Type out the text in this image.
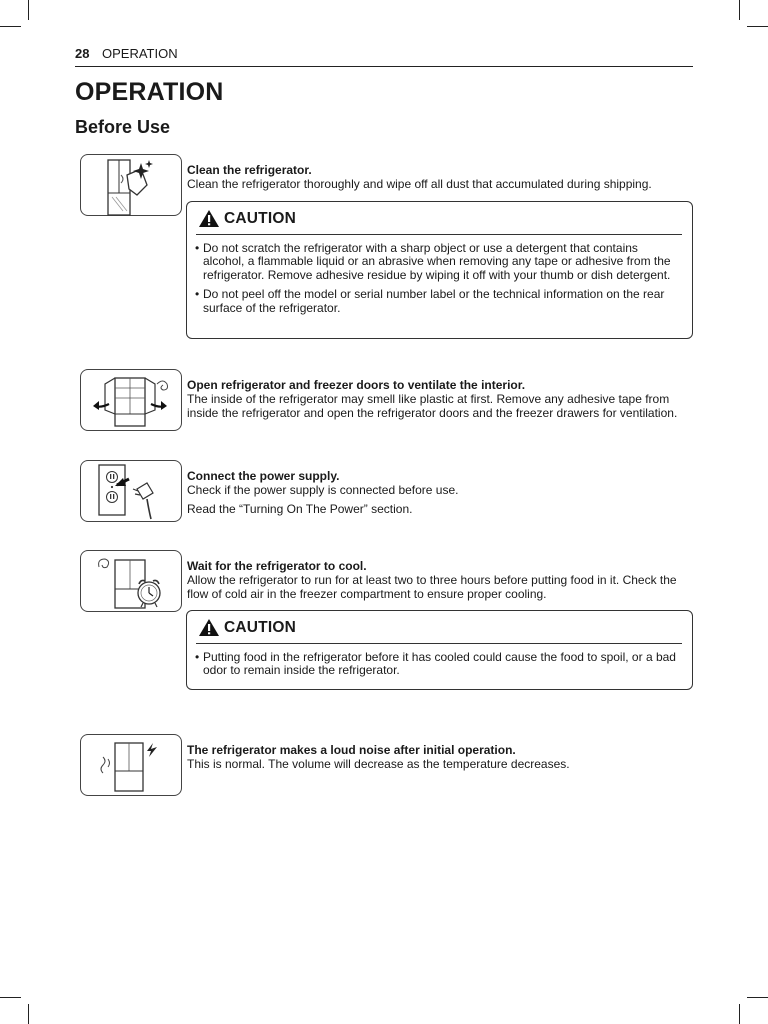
28 OPERATION
OPERATION
Before Use
Clean the refrigerator.

Clean the refrigerator thoroughly and wipe off all dust that accumulated during shipping.

CAUTION
• Do not scratch the refrigerator with a sharp object or use a detergent that contains alcohol, a flammable liquid or an abrasive when removing any tape or adhesive from the refrigerator. Remove adhesive residue by wiping it off with your thumb or dish detergent.
• Do not peel off the model or serial number label or the technical information on the rear surface of the refrigerator.
Open refrigerator and freezer doors to ventilate the interior.

The inside of the refrigerator may smell like plastic at first. Remove any adhesive tape from inside the refrigerator and open the refrigerator doors and the freezer drawers for ventilation.

Connect the power supply.

Check if the power supply is connected before use.

Read the “Turning On The Power” section.

Wait for the refrigerator to cool.

Allow the refrigerator to run for at least two to three hours before putting food in it. Check the flow of cold air in the freezer compartment to ensure proper cooling.

CAUTION
• Putting food in the refrigerator before it has cooled could cause the food to spoil, or a bad odor to remain inside the refrigerator.
The refrigerator makes a loud noise after initial operation.

This is normal. The volume will decrease as the temperature decreases.
